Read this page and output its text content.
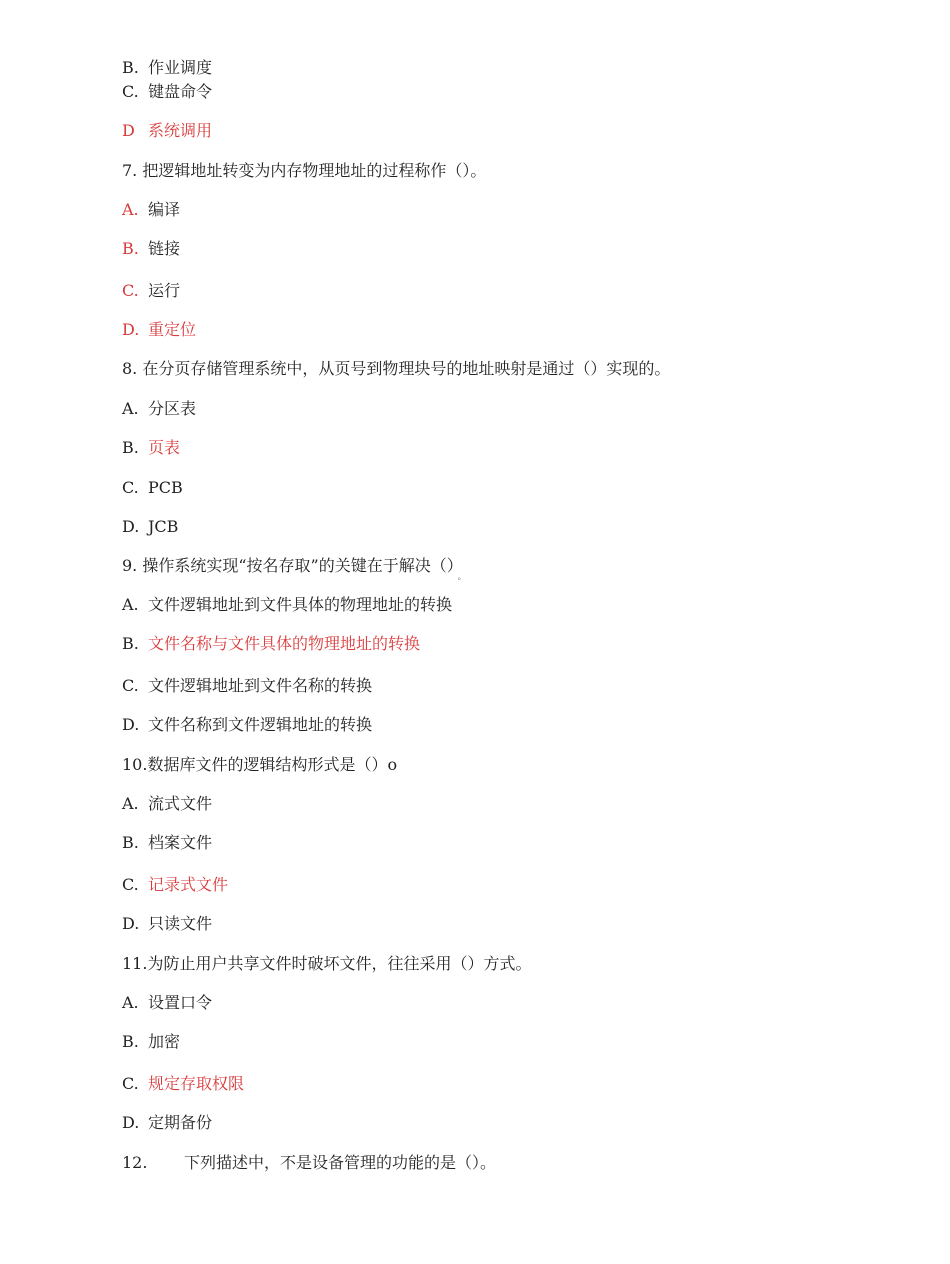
B. 作业调度
C. 键盘命令
D 系统调用
7. 把逻辑地址转变为内存物理地址的过程称作（）。
A. 编译
B. 链接
C. 运行
D. 重定位
8. 在分页存储管理系统中，从页号到物理块号的地址映射是通过（）实现的。
A. 分区表
B. 页表
C. PCB
D. JCB
9. 操作系统实现“按名存取”的关键在于解决$()_。$
A. 文件逻辑地址到文件具体的物理地址的转换
B. 文件名称与文件具体的物理地址的转换
C. 文件逻辑地址到文件名称的转换
D. 文件名称到文件逻辑地址的转换
10.数据库文件的逻辑结构形式是（）o
A. 流式文件
B. 档案文件
C. 记录式文件
D. 只读文件
11.为防止用户共享文件时破坏文件，往往采用（）方式。
A. 设置口令
B. 加密
C. 规定存取权限
D. 定期备份
12. 下列描述中，不是设备管理的功能的是（）。
